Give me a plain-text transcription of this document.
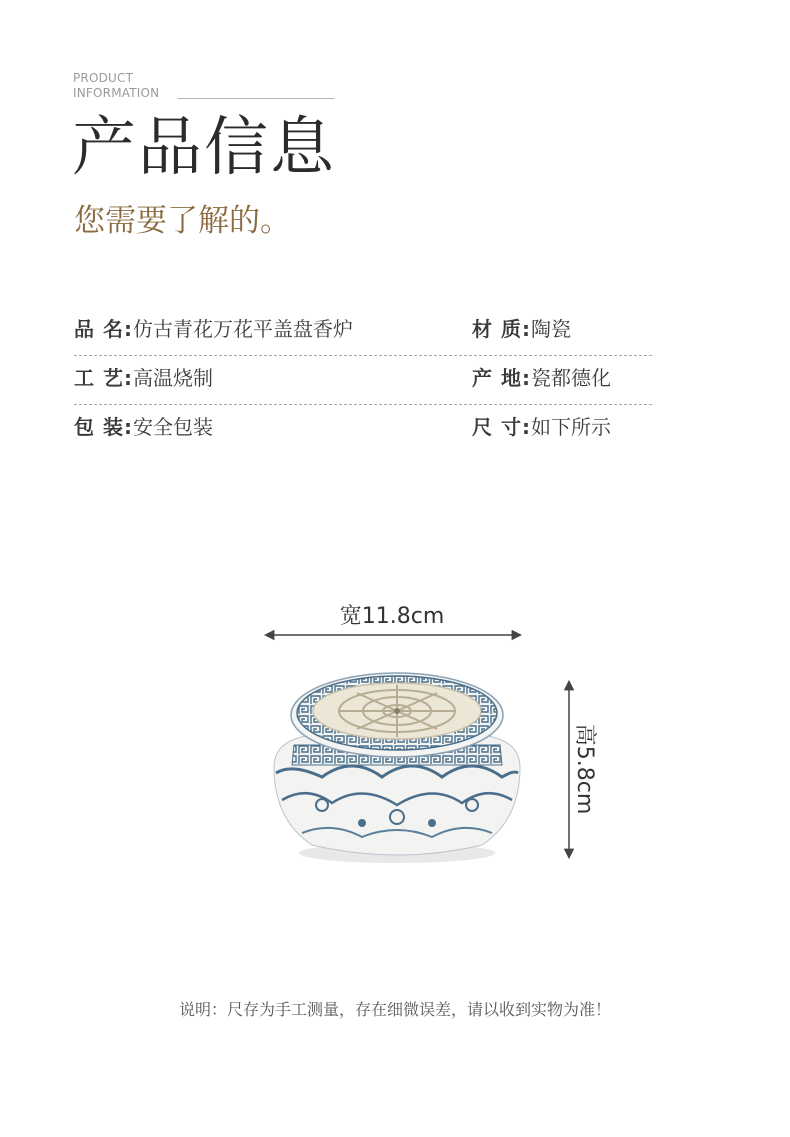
PRODUCT
INFORMATION
产品信息
您需要了解的。
品 名:仿古青花万花平盖盘香炉	材 质:陶瓷
工 艺:高温烧制	产 地:瓷都德化
包 装:安全包装	尺 寸:如下所示
宽11.8cm
高5.8cm
说明：尺存为手工测量，存在细微误差，请以收到实物为准！
